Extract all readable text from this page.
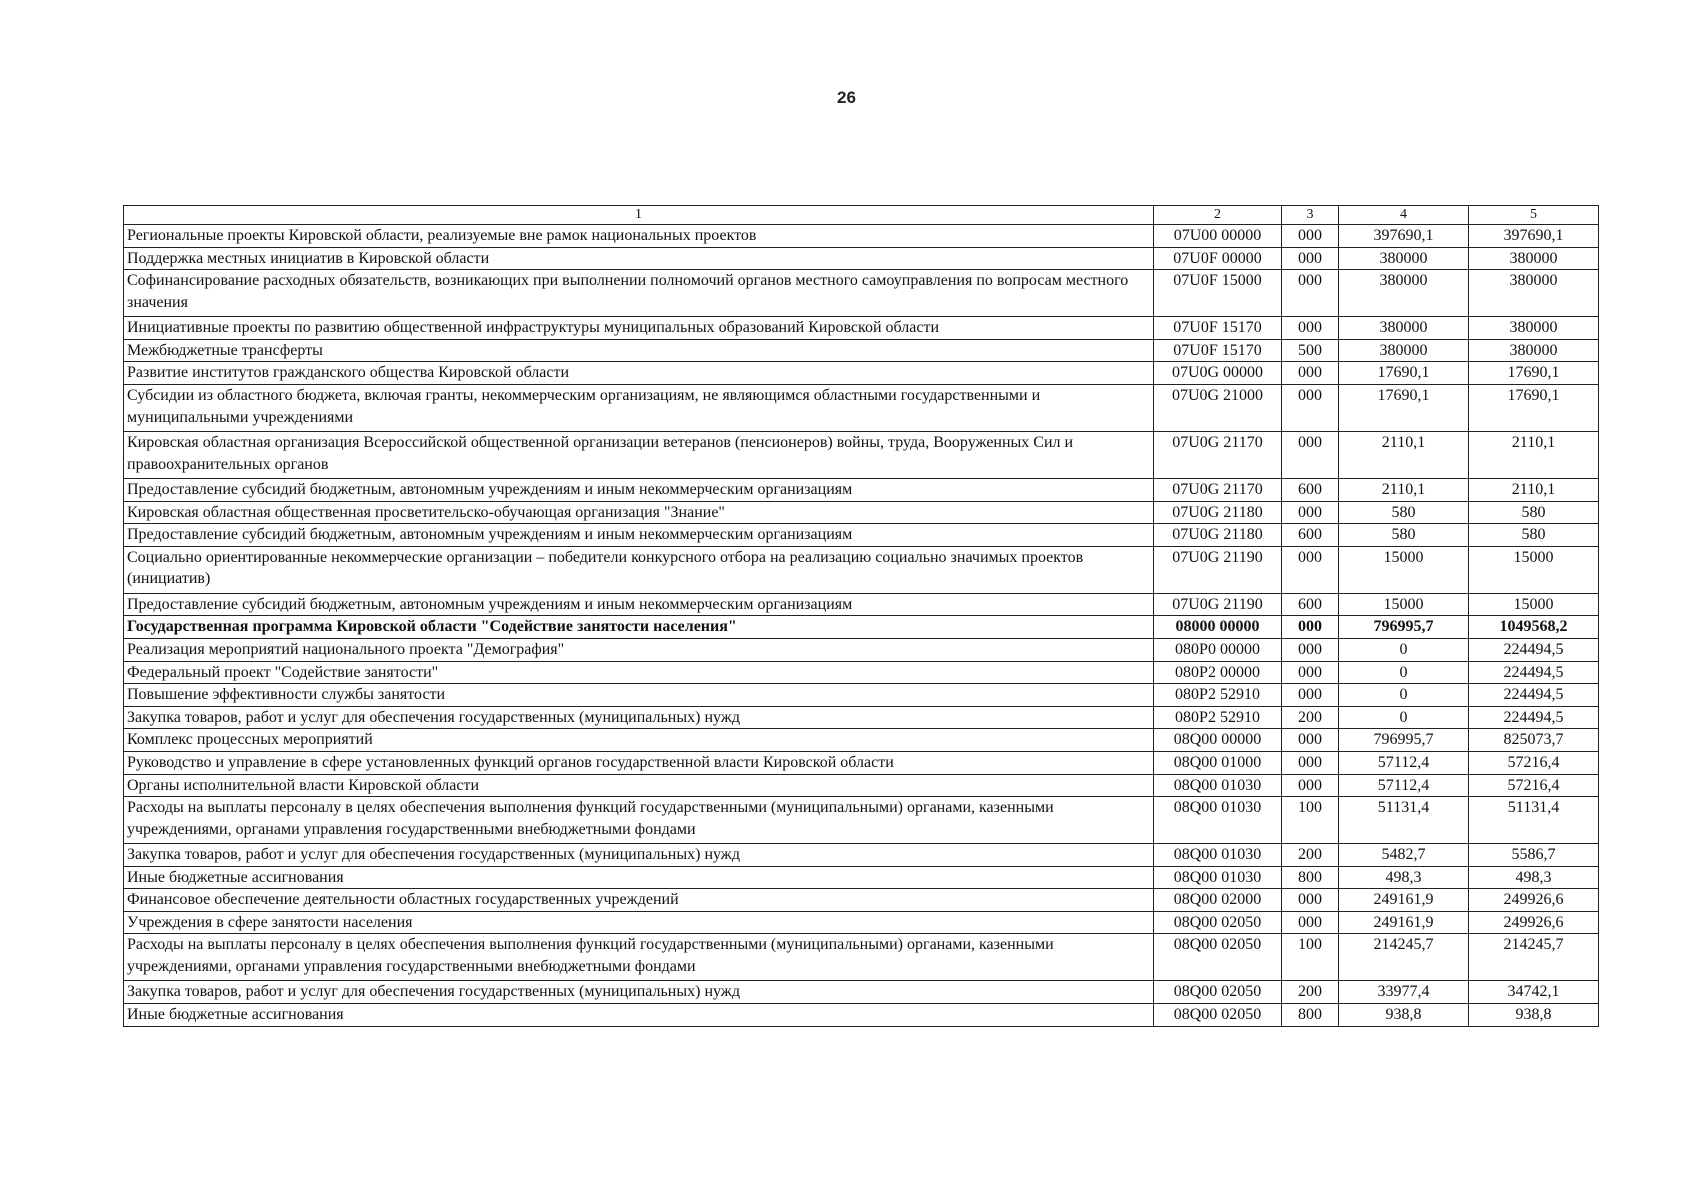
26
1	2	3	4	5
Региональные проекты Кировской области, реализуемые вне рамок национальных проектов	07U00 00000	000	397690,1	397690,1
Поддержка местных инициатив в Кировской области	07U0F 00000	000	380000	380000
Софинансирование расходных обязательств, возникающих при выполнении полномочий органов местного самоуправления по вопросам местного значения	07U0F 15000	000	380000	380000
Инициативные проекты по развитию общественной инфраструктуры муниципальных образований Кировской области	07U0F 15170	000	380000	380000
Межбюджетные трансферты	07U0F 15170	500	380000	380000
Развитие институтов гражданского общества Кировской области	07U0G 00000	000	17690,1	17690,1
Субсидии из областного бюджета, включая гранты, некоммерческим организациям, не являющимся областными государственными и муниципальными учреждениями	07U0G 21000	000	17690,1	17690,1
Кировская областная организация Всероссийской общественной организации ветеранов (пенсионеров) войны, труда, Вооруженных Сил и правоохранительных органов	07U0G 21170	000	2110,1	2110,1
Предоставление субсидий бюджетным, автономным учреждениям и иным некоммерческим организациям	07U0G 21170	600	2110,1	2110,1
Кировская областная общественная просветительско-обучающая организация "Знание"	07U0G 21180	000	580	580
Предоставление субсидий бюджетным, автономным учреждениям и иным некоммерческим организациям	07U0G 21180	600	580	580
Социально ориентированные некоммерческие организации – победители конкурсного отбора на реализацию социально значимых проектов (инициатив)	07U0G 21190	000	15000	15000
Предоставление субсидий бюджетным, автономным учреждениям и иным некоммерческим организациям	07U0G 21190	600	15000	15000
Государственная программа Кировской области "Содействие занятости населения"	08000 00000	000	796995,7	1049568,2
Реализация мероприятий национального проекта "Демография"	080P0 00000	000	0	224494,5
Федеральный проект "Содействие занятости"	080P2 00000	000	0	224494,5
Повышение эффективности службы занятости	080P2 52910	000	0	224494,5
Закупка товаров, работ и услуг для обеспечения государственных (муниципальных) нужд	080P2 52910	200	0	224494,5
Комплекс процессных мероприятий	08Q00 00000	000	796995,7	825073,7
Руководство и управление в сфере установленных функций органов государственной власти Кировской области	08Q00 01000	000	57112,4	57216,4
Органы исполнительной власти Кировской области	08Q00 01030	000	57112,4	57216,4
Расходы на выплаты персоналу в целях обеспечения выполнения функций государственными (муниципальными) органами, казенными учреждениями, органами управления государственными внебюджетными фондами	08Q00 01030	100	51131,4	51131,4
Закупка товаров, работ и услуг для обеспечения государственных (муниципальных) нужд	08Q00 01030	200	5482,7	5586,7
Иные бюджетные ассигнования	08Q00 01030	800	498,3	498,3
Финансовое обеспечение деятельности областных государственных учреждений	08Q00 02000	000	249161,9	249926,6
Учреждения в сфере занятости населения	08Q00 02050	000	249161,9	249926,6
Расходы на выплаты персоналу в целях обеспечения выполнения функций государственными (муниципальными) органами, казенными учреждениями, органами управления государственными внебюджетными фондами	08Q00 02050	100	214245,7	214245,7
Закупка товаров, работ и услуг для обеспечения государственных (муниципальных) нужд	08Q00 02050	200	33977,4	34742,1
Иные бюджетные ассигнования	08Q00 02050	800	938,8	938,8
